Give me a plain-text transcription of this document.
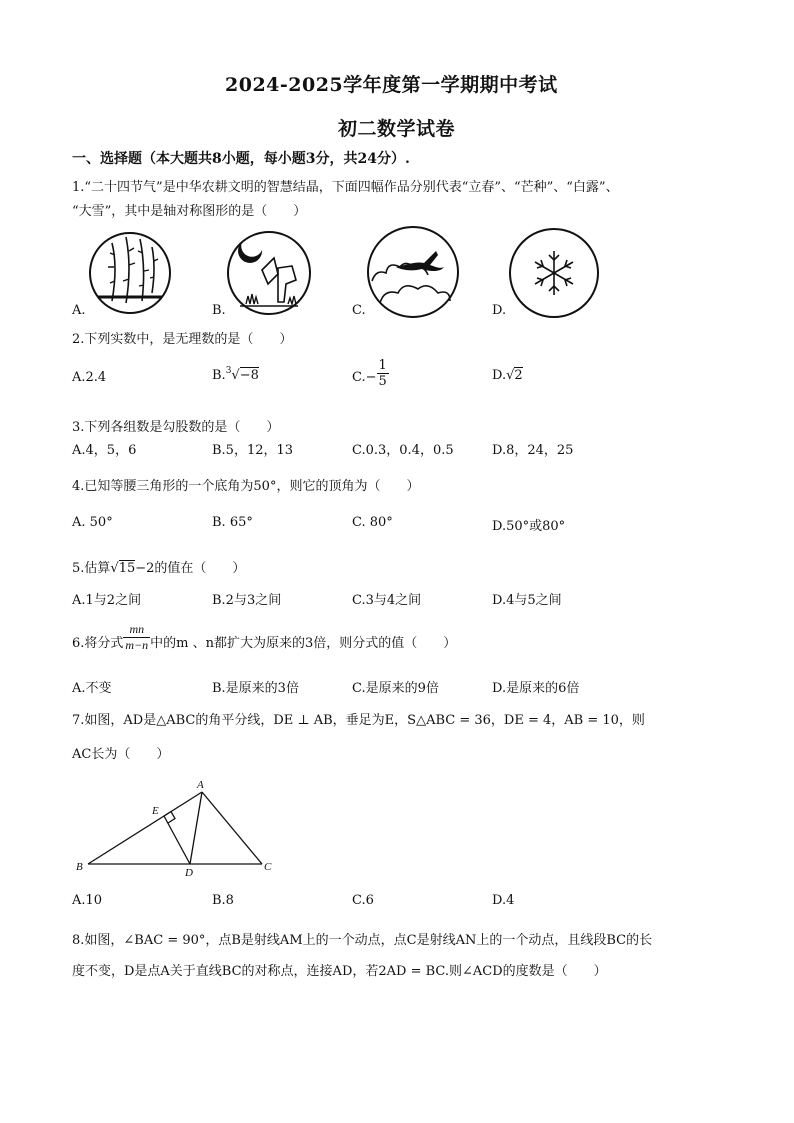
2024-2025学年度第一学期期中考试
初二数学试卷
一、选择题（本大题共8小题，每小题3分，共24分）.
1.“二十四节气”是中华农耕文明的智慧结晶，下面四幅作品分别代表“立春”、“芒种”、“白露”、
“大雪”，其中是轴对称图形的是（　　）
A.	B.	C.	D.
2.下列实数中，是无理数的是（　　）
A.2.4	B.$^3$√−8	$C.- \frac{1}{5}$	D.√2
3.下列各组数是勾股数的是（　　）
A.4，5，6	B.5，12，13	C.0.3，0.4，0.5	D.8，24，25
4.已知等腰三角形的一个底角为50°，则它的顶角为（　　）
A. 50°	B. 65°	C. 80°	D.50°或80°
5.估算√15−2的值在（　　）
A.1与2之间	B.2与3之间	C.3与4之间	D.4与5之间
6.将分式 $\frac{mn}{m-n}$ 中的m 、n都扩大为原来的3倍，则分式的值（　　）
A.不变	B.是原来的3倍	C.是原来的9倍	D.是原来的6倍
7.如图，AD是△ABC的角平分线，DE ⊥ AB，垂足为E，S△ABC = 36，DE = 4，AB = 10，则
AC长为（　　）
A
E
B	D	C
A.10	B.8	C.6	D.4
8.如图，∠BAC = 90°，点B是射线AM上的一个动点，点C是射线AN上的一个动点，且线段BC的长
度不变，D是点A关于直线BC的对称点，连接AD，若2AD = BC.则∠ACD的度数是（　　）
